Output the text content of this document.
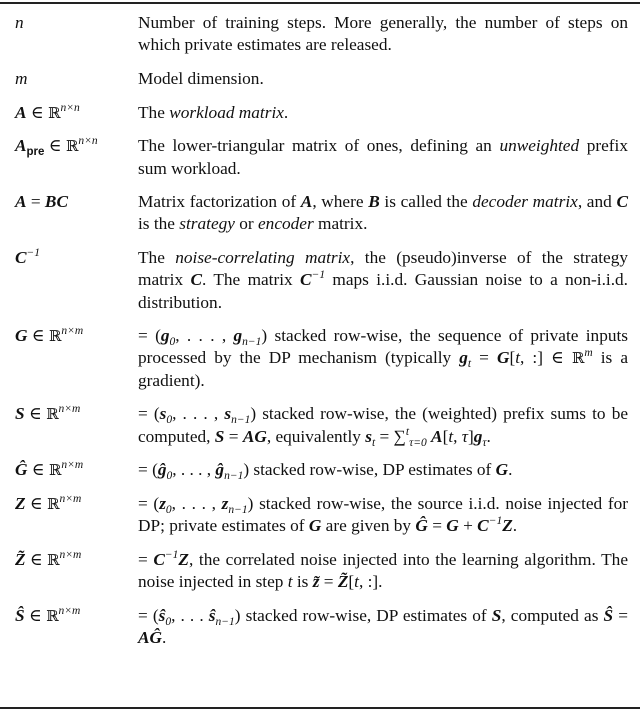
n	Number of training steps. More generally, the number of steps on which private estimates are released.
m	Model dimension.
A ∈ ℝ$^{n\times n}$	The workload matrix.
$A_{pre}$ ∈ ℝ$^{n\times n}$	The lower-triangular matrix of ones, defining an unweighted prefix sum workload.
A = BC	Matrix factorization of A, where B is called the decoder matrix, and C is the strategy or encoder matrix.
$C^{-1}$	The noise-correlating matrix, the (pseudo)inverse of the strategy matrix C. The matrix $C^{-1}$ maps i.i.d. Gaussian noise to a non-i.i.d. distribution.
G ∈ ℝ$^{n\times m}$	= ($g_0$, . . . , $g_{n-1}$) stacked row-wise, the sequence of private inputs processed by the DP mechanism (typically $g_t = G[t$, :] ∈ ℝ$^m$ is a gradient).
S ∈ ℝ$^{n\times m}$	= ($s_0$, . . . , $s_{n-1}$) stacked row-wise, the (weighted) prefix sums to be computed, S = AG, equivalently $s_t = \sum^t_{\tau=0}$ A[t, $\tau]g_\tau$.
Ĝ ∈ ℝ$^{n\times m}$	= ($ĝ_0$, . . . , $ĝ_{n-1}$) stacked row-wise, DP estimates of G.
Z ∈ ℝ$^{n\times m}$	= ($z_0$, . . . , $z_{n-1}$) stacked row-wise, the source i.i.d. noise injected for DP; private estimates of G are given by Ĝ = $G + C^{-1}Z$.
Z̃ ∈ ℝ$^{n\times m}$	= $C^{-1}Z$, the correlated noise injected into the learning algorithm. The noise injected in step t is z̃ = Z̃[t, :].
Ŝ ∈ ℝ$^{n\times m}$	= ($ŝ_0$, . . . $ŝ_{n-1}$) stacked row-wise, DP estimates of S, computed as Ŝ = AĜ.
